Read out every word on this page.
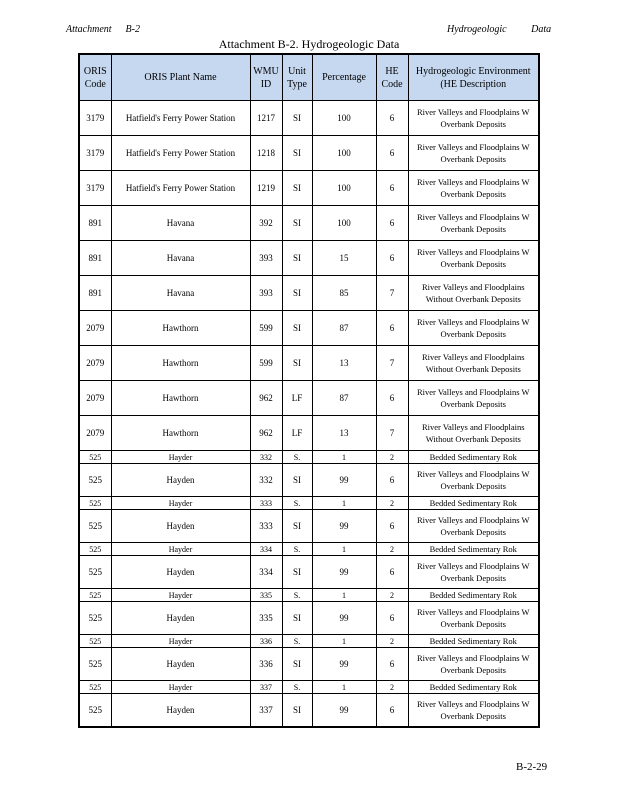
Attachment B-2	Hydrogeologic Data
Attachment B-2. Hydrogeologic Data
ORIS Code	ORIS Plant Name	WMU ID	Unit Type	Percentage	HE Code	Hydrogeologic Environment (HE Description
3179	Hatfield's Ferry Power Station	1217	SI	100	6	River Valleys and Floodplains W
Overbank Deposits

3179	Hatfield's Ferry Power Station	1218	SI	100	6	River Valleys and Floodplains W
Overbank Deposits

3179	Hatfield's Ferry Power Station	1219	SI	100	6	River Valleys and Floodplains W
Overbank Deposits

891	Havana	392	SI	100	6	River Valleys and Floodplains W
Overbank Deposits

891	Havana	393	SI	15	6	River Valleys and Floodplains W
Overbank Deposits

891	Havana	393	SI	85	7	River Valleys and Floodplains
Without Overbank Deposits

2079	Hawthorn	599	SI	87	6	River Valleys and Floodplains W
Overbank Deposits

2079	Hawthorn	599	SI	13	7	River Valleys and Floodplains
Without Overbank Deposits

2079	Hawthorn	962	LF	87	6	River Valleys and Floodplains W
Overbank Deposits

2079	Hawthorn	962	LF	13	7	River Valleys and Floodplains
Without Overbank Deposits

525	Hayder	332	S.	1	2	Bedded Sedimentary Rok

525	Hayden	332	SI	99	6	River Valleys and Floodplains W
Overbank Deposits

525	Hayder	333	S.	1	2	Bedded Sedimentary Rok

525	Hayden	333	SI	99	6	River Valleys and Floodplains W
Overbank Deposits

525	Hayder	334	S.	1	2	Bedded Sedimentary Rok

525	Hayden	334	SI	99	6	River Valleys and Floodplains W
Overbank Deposits

525	Hayder	335	S.	1	2	Bedded Sedimentary Rok

525	Hayden	335	SI	99	6	River Valleys and Floodplains W
Overbank Deposits

525	Hayder	336	S.	1	2	Bedded Sedimentary Rok

525	Hayden	336	SI	99	6	River Valleys and Floodplains W
Overbank Deposits

525	Hayder	337	S.	1	2	Bedded Sedimentary Rok

525	Hayden	337	SI	99	6	River Valleys and Floodplains W
Overbank Deposits
B-2-29
